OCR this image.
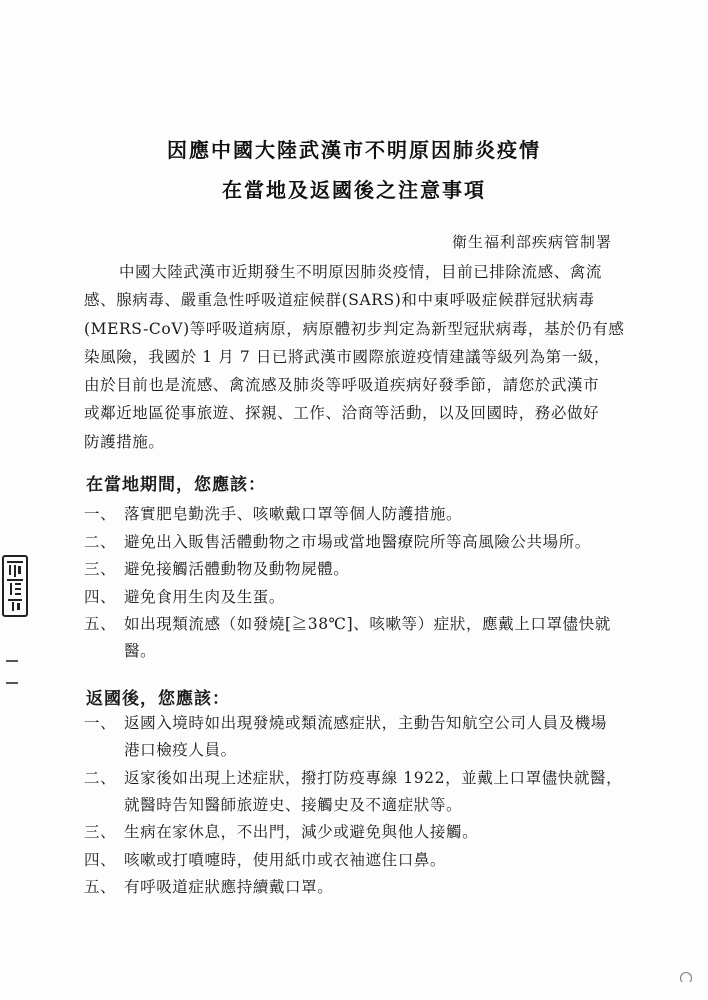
因應中國大陸武漢市不明原因肺炎疫情
在當地及返國後之注意事項
衛生福利部疾病管制署
中國大陸武漢市近期發生不明原因肺炎疫情，目前已排除流感、禽流
感、腺病毒、嚴重急性呼吸道症候群(SARS)和中東呼吸症候群冠狀病毒
(MERS-CoV)等呼吸道病原，病原體初步判定為新型冠狀病毒，基於仍有感
染風險，我國於 1 月 7 日已將武漢市國際旅遊疫情建議等級列為第一級，
由於目前也是流感、禽流感及肺炎等呼吸道疾病好發季節，請您於武漢市
或鄰近地區從事旅遊、探親、工作、洽商等活動，以及回國時，務必做好
防護措施。
在當地期間，您應該：
一、 落實肥皂勤洗手、咳嗽戴口罩等個人防護措施。
二、 避免出入販售活體動物之市場或當地醫療院所等高風險公共場所。
三、 避免接觸活體動物及動物屍體。
四、 避免食用生肉及生蛋。
五、 如出現類流感（如發燒[≧38℃]、咳嗽等）症狀，應戴上口罩儘快就
醫。
返國後，您應該：
一、 返國入境時如出現發燒或類流感症狀，主動告知航空公司人員及機場
港口檢疫人員。
二、 返家後如出現上述症狀，撥打防疫專線 1922，並戴上口罩儘快就醫，
就醫時告知醫師旅遊史、接觸史及不適症狀等。
三、 生病在家休息，不出門，減少或避免與他人接觸。
四、 咳嗽或打噴嚏時，使用紙巾或衣袖遮住口鼻。
五、 有呼吸道症狀應持續戴口罩。
